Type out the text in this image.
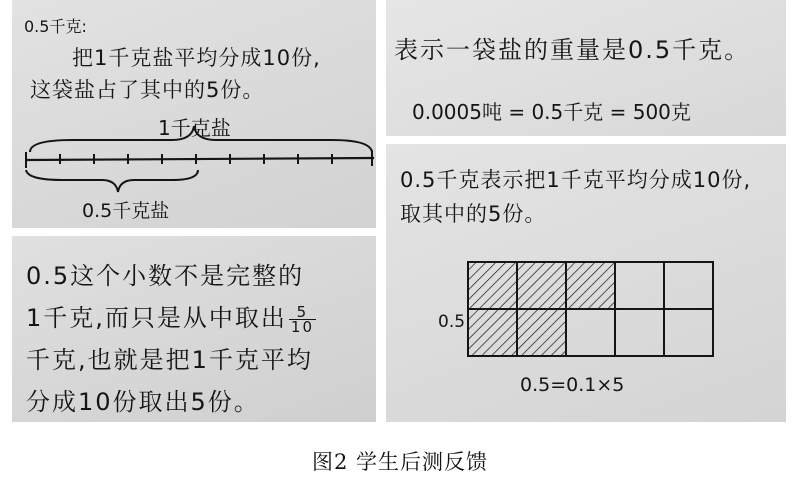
0.5千克:
把1千克盐平均分成10份,
这袋盐占了其中的5份。
1千克盐
0.5千克盐
表示一袋盐的重量是0.5千克。
0.0005吨 = 0.5千克 = 500克
0.5这个小数不是完整的
1千克,而只是从中取出 $\frac{5}{10}$
千克,也就是把1千克平均
分成10份取出5份。
0.5千克表示把1千克平均分成10份,
取其中的5份。
0.5
0.5=0.1×5
图2 学生后测反馈
